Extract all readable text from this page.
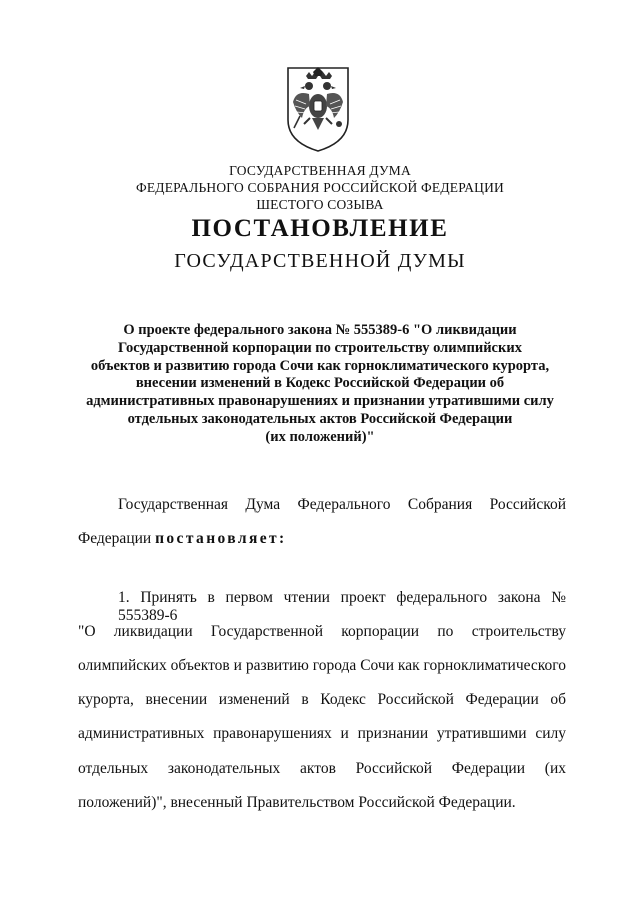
ГОСУДАРСТВЕННАЯ ДУМА
ФЕДЕРАЛЬНОГО СОБРАНИЯ РОССИЙСКОЙ ФЕДЕРАЦИИ
ШЕСТОГО СОЗЫВА
ПОСТАНОВЛЕНИЕ
ГОСУДАРСТВЕННОЙ ДУМЫ
О проекте федерального закона № 555389-6 "О ликвидации
Государственной корпорации по строительству олимпийских
объектов и развитию города Сочи как горноклиматического курорта,
внесении изменений в Кодекс Российской Федерации об
административных правонарушениях и признании утратившими силу
отдельных законодательных актов Российской Федерации
(их положений)"
Государственная Дума Федерального Собрания Российской
Федерации постановляет:
1. Принять в первом чтении проект федерального закона № 555389-6
"О ликвидации Государственной корпорации по строительству
олимпийских объектов и развитию города Сочи как горноклиматического
курорта, внесении изменений в Кодекс Российской Федерации об
административных правонарушениях и признании утратившими силу
отдельных законодательных актов Российской Федерации (их
положений)", внесенный Правительством Российской Федерации.
